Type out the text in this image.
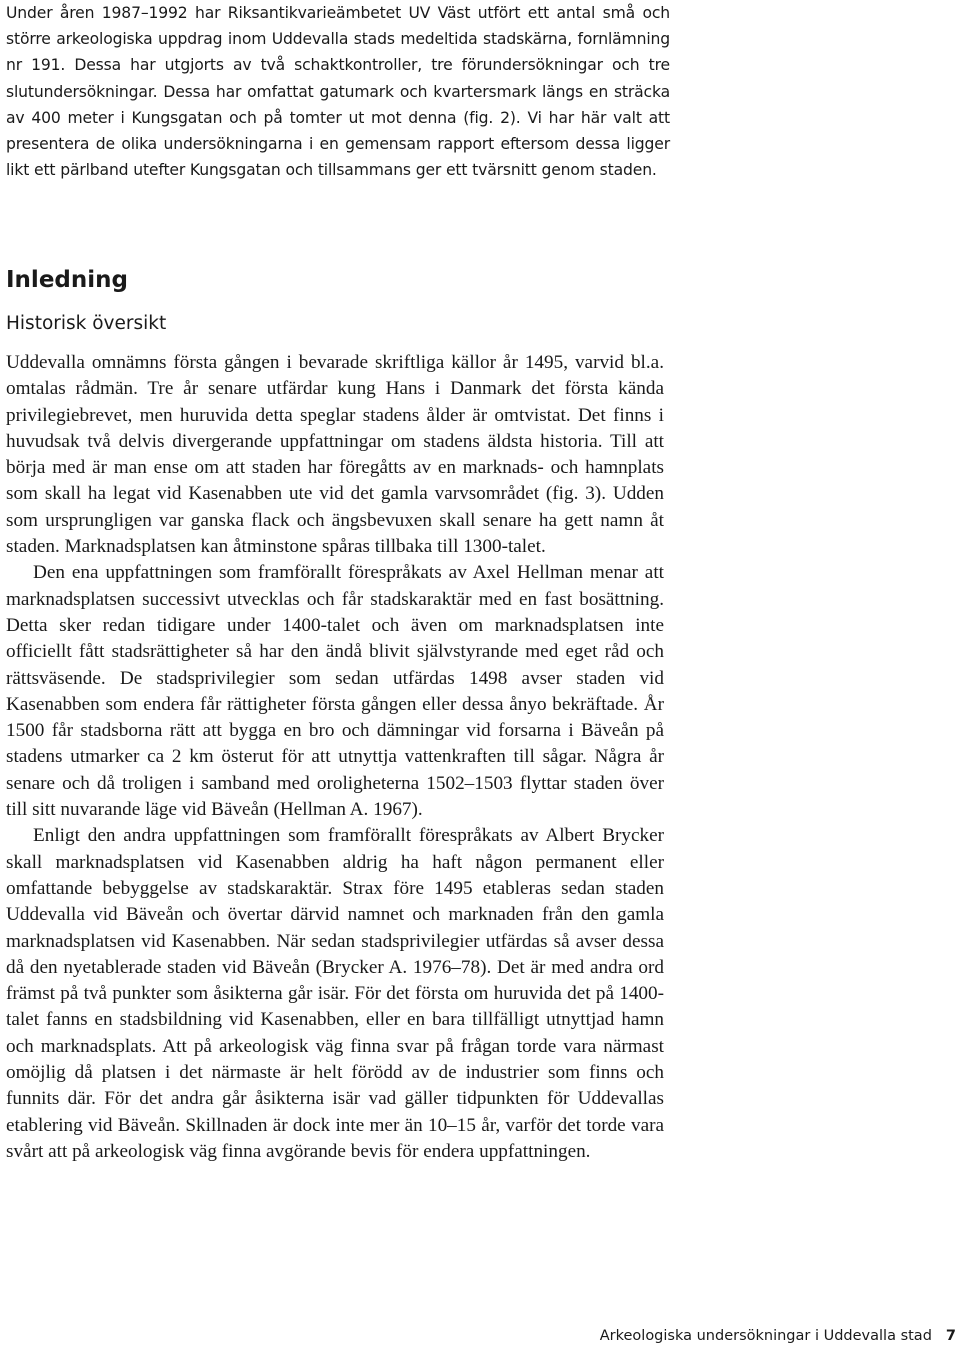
Under åren 1987–1992 har Riksantikvarieämbetet UV Väst utfört ett antal små och större arkeologiska uppdrag inom Uddevalla stads medeltida stadskärna, fornlämning nr 191. Dessa har utgjorts av två schaktkontroller, tre förundersökningar och tre slutundersökningar. Dessa har omfattat gatumark och kvartersmark längs en sträcka av 400 meter i Kungsgatan och på tomter ut mot denna (fig. 2). Vi har här valt att presentera de olika undersökningarna i en gemensam rapport eftersom dessa ligger likt ett pärlband utefter Kungsgatan och tillsammans ger ett tvärsnitt genom staden.

Inledning
Historisk översikt

Uddevalla omnämns första gången i bevarade skriftliga källor år 1495, varvid bl.a. omtalas rådmän. Tre år senare utfärdar kung Hans i Danmark det första kända privilegiebrevet, men huruvida detta speglar stadens ålder är omtvistat. Det finns i huvudsak två delvis divergerande uppfattningar om stadens äldsta historia. Till att börja med är man ense om att staden har föregåtts av en marknads- och hamnplats som skall ha legat vid Kasenabben ute vid det gamla varvsområdet (fig. 3). Udden som ursprungligen var ganska flack och ängsbevuxen skall senare ha gett namn åt staden. Marknadsplatsen kan åtminstone spåras tillbaka till 1300-talet.

Den ena uppfattningen som framförallt förespråkats av Axel Hellman menar att marknadsplatsen successivt utvecklas och får stadskaraktär med en fast bosättning. Detta sker redan tidigare under 1400-talet och även om marknadsplatsen inte officiellt fått stadsrättigheter så har den ändå blivit självstyrande med eget råd och rättsväsende. De stadsprivilegier som sedan utfärdas 1498 avser staden vid Kasenabben som endera får rättigheter första gången eller dessa ånyo bekräftade. År 1500 får stadsborna rätt att bygga en bro och dämningar vid forsarna i Bäveån på stadens utmarker ca 2 km österut för att utnyttja vattenkraften till sågar. Några år senare och då troligen i samband med oroligheterna 1502–1503 flyttar staden över till sitt nuvarande läge vid Bäveån (Hellman A. 1967).

Enligt den andra uppfattningen som framförallt förespråkats av Albert Brycker skall marknadsplatsen vid Kasenabben aldrig ha haft någon permanent eller omfattande bebyggelse av stadskaraktär. Strax före 1495 etableras sedan staden Uddevalla vid Bäveån och övertar därvid namnet och marknaden från den gamla marknadsplatsen vid Kasenabben. När sedan stadsprivilegier utfärdas så avser dessa då den nyetablerade staden vid Bäveån (Brycker A. 1976–78). Det är med andra ord främst på två punkter som åsikterna går isär. För det första om huruvida det på 1400-talet fanns en stadsbildning vid Kasenabben, eller en bara tillfälligt utnyttjad hamn och marknadsplats. Att på arkeologisk väg finna svar på frågan torde vara närmast omöjlig då platsen i det närmaste är helt förödd av de industrier som finns och funnits där. För det andra går åsikterna isär vad gäller tidpunkten för Uddevallas etablering vid Bäveån. Skillnaden är dock inte mer än 10–15 år, varför det torde vara svårt att på arkeologisk väg finna avgörande bevis för endera uppfattningen.

Arkeologiska undersökningar i Uddevalla stad 7
